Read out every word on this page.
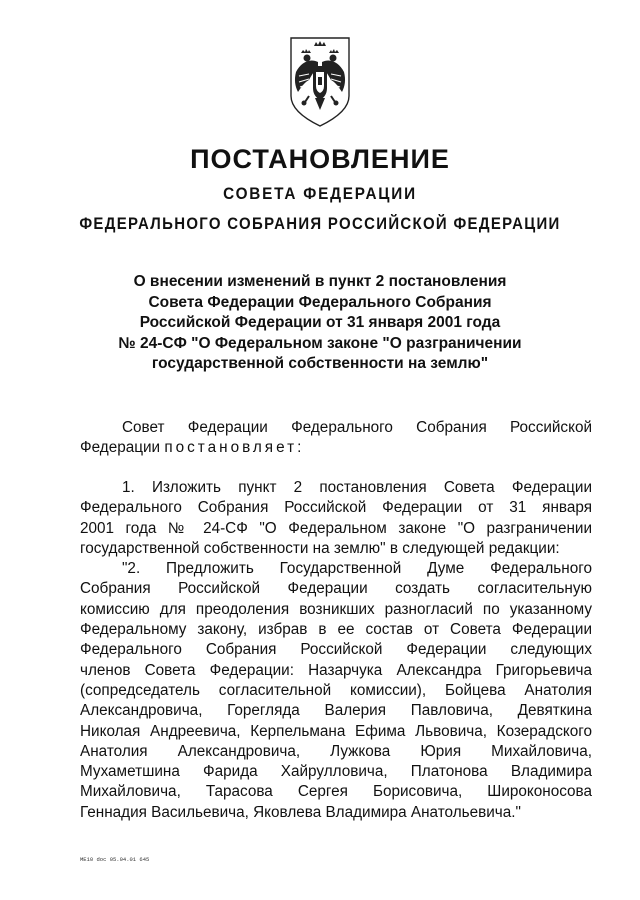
ПОСТАНОВЛЕНИЕ
СОВЕТА ФЕДЕРАЦИИ
ФЕДЕРАЛЬНОГО СОБРАНИЯ РОССИЙСКОЙ ФЕДЕРАЦИИ
О внесении изменений в пункт 2 постановления
Совета Федерации Федерального Собрания
Российской Федерации от 31 января 2001 года
№ 24-СФ "О Федеральном законе "О разграничении
государственной собственности на землю"
Совет Федерации Федерального Собрания Российской
Федерации постановляет:
1. Изложить пункт 2 постановления Совета Федерации
Федерального Собрания Российской Федерации от 31 января
2001 года № 24-СФ "О Федеральном законе "О разграничении
государственной собственности на землю" в следующей редакции:
"2. Предложить Государственной Думе Федерального
Собрания Российской Федерации создать согласительную
комиссию для преодоления возникших разногласий по указанному
Федеральному закону, избрав в ее состав от Совета Федерации
Федерального Собрания Российской Федерации следующих
членов Совета Федерации: Назарчука Александра Григорьевича
(сопредседатель согласительной комиссии), Бойцева Анатолия
Александровича, Горегляда Валерия Павловича, Девяткина
Николая Андреевича, Керпельмана Ефима Львовича, Козерадского
Анатолия Александровича, Лужкова Юрия Михайловича,
Мухаметшина Фарида Хайрулловича, Платонова Владимира
Михайловича, Тарасова Сергея Борисовича, Широконосова
Геннадия Васильевича, Яковлева Владимира Анатольевича."
ME10 doc 05.04.01 645
